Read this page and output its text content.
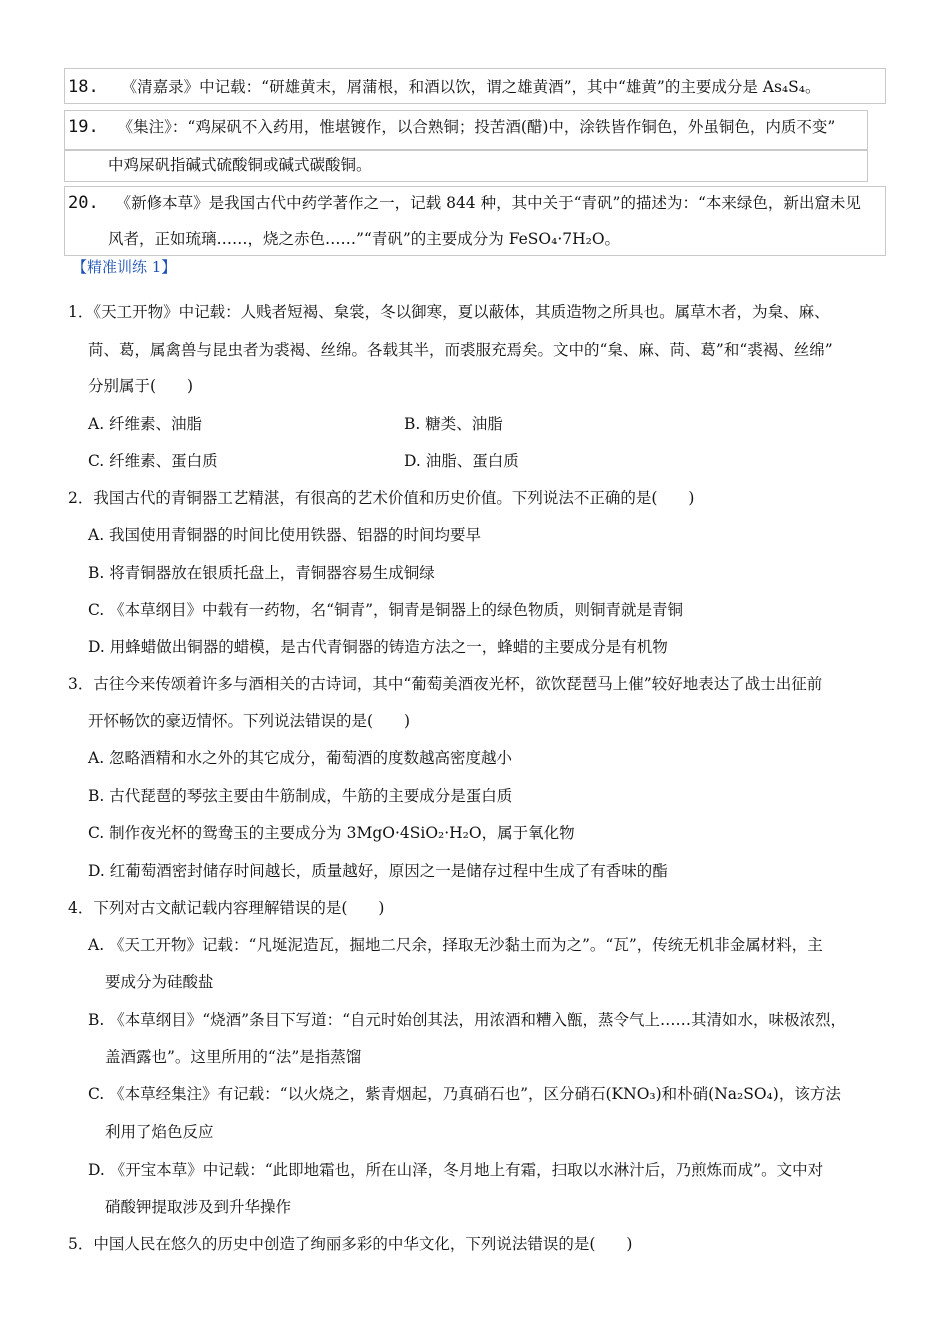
18. 《清嘉录》中记载：“研雄黄末，屑蒲根，和酒以饮，谓之雄黄酒”，其中“雄黄”的主要成分是 As₄S₄。
19. 《集注》：“鸡屎矾不入药用，惟堪镀作，以合熟铜；投苦酒(醋)中，涂铁皆作铜色，外虽铜色，内质不变”
中鸡屎矾指碱式硫酸铜或碱式碳酸铜。
20. 《新修本草》是我国古代中药学著作之一，记载 844 种，其中关于“青矾”的描述为：“本来绿色，新出窟未见
风者，正如琉璃……，烧之赤色……”“青矾”的主要成分为 FeSO₄·7H₂O。
【精准训练 1】
1．《天工开物》中记载：人贱者短褐、枲裳，冬以御寒，夏以蔽体，其质造物之所具也。属草木者，为枲、麻、
苘、葛，属禽兽与昆虫者为裘褐、丝绵。各载其半，而裘服充焉矣。文中的“枲、麻、苘、葛”和“裘褐、丝绵”
分别属于(　　)
A. 纤维素、油脂	B. 糖类、油脂
C. 纤维素、蛋白质	D. 油脂、蛋白质
2．我国古代的青铜器工艺精湛，有很高的艺术价值和历史价值。下列说法不正确的是(　　)
A. 我国使用青铜器的时间比使用铁器、铝器的时间均要早
B. 将青铜器放在银质托盘上，青铜器容易生成铜绿
C. 《本草纲目》中载有一药物，名“铜青”，铜青是铜器上的绿色物质，则铜青就是青铜
D. 用蜂蜡做出铜器的蜡模，是古代青铜器的铸造方法之一，蜂蜡的主要成分是有机物
3．古往今来传颂着许多与酒相关的古诗词，其中“葡萄美酒夜光杯，欲饮琵琶马上催”较好地表达了战士出征前
开怀畅饮的豪迈情怀。下列说法错误的是(　　)
A. 忽略酒精和水之外的其它成分，葡萄酒的度数越高密度越小
B. 古代琵琶的琴弦主要由牛筋制成，牛筋的主要成分是蛋白质
C. 制作夜光杯的鸳鸯玉的主要成分为 3MgO·4SiO₂·H₂O，属于氧化物
D. 红葡萄酒密封储存时间越长，质量越好，原因之一是储存过程中生成了有香味的酯
4．下列对古文献记载内容理解错误的是(　　)
A. 《天工开物》记载：“凡埏泥造瓦，掘地二尺余，择取无沙黏土而为之”。“瓦”，传统无机非金属材料，主
要成分为硅酸盐
B. 《本草纲目》“烧酒”条目下写道：“自元时始创其法，用浓酒和糟入甑，蒸令气上……其清如水，味极浓烈，
盖酒露也”。这里所用的“法”是指蒸馏
C. 《本草经集注》有记载：“以火烧之，紫青烟起，乃真硝石也”，区分硝石(KNO₃)和朴硝(Na₂SO₄)，该方法
利用了焰色反应
D. 《开宝本草》中记载：“此即地霜也，所在山泽，冬月地上有霜，扫取以水淋汁后，乃煎炼而成”。文中对
硝酸钾提取涉及到升华操作
5．中国人民在悠久的历史中创造了绚丽多彩的中华文化，下列说法错误的是(　　)
